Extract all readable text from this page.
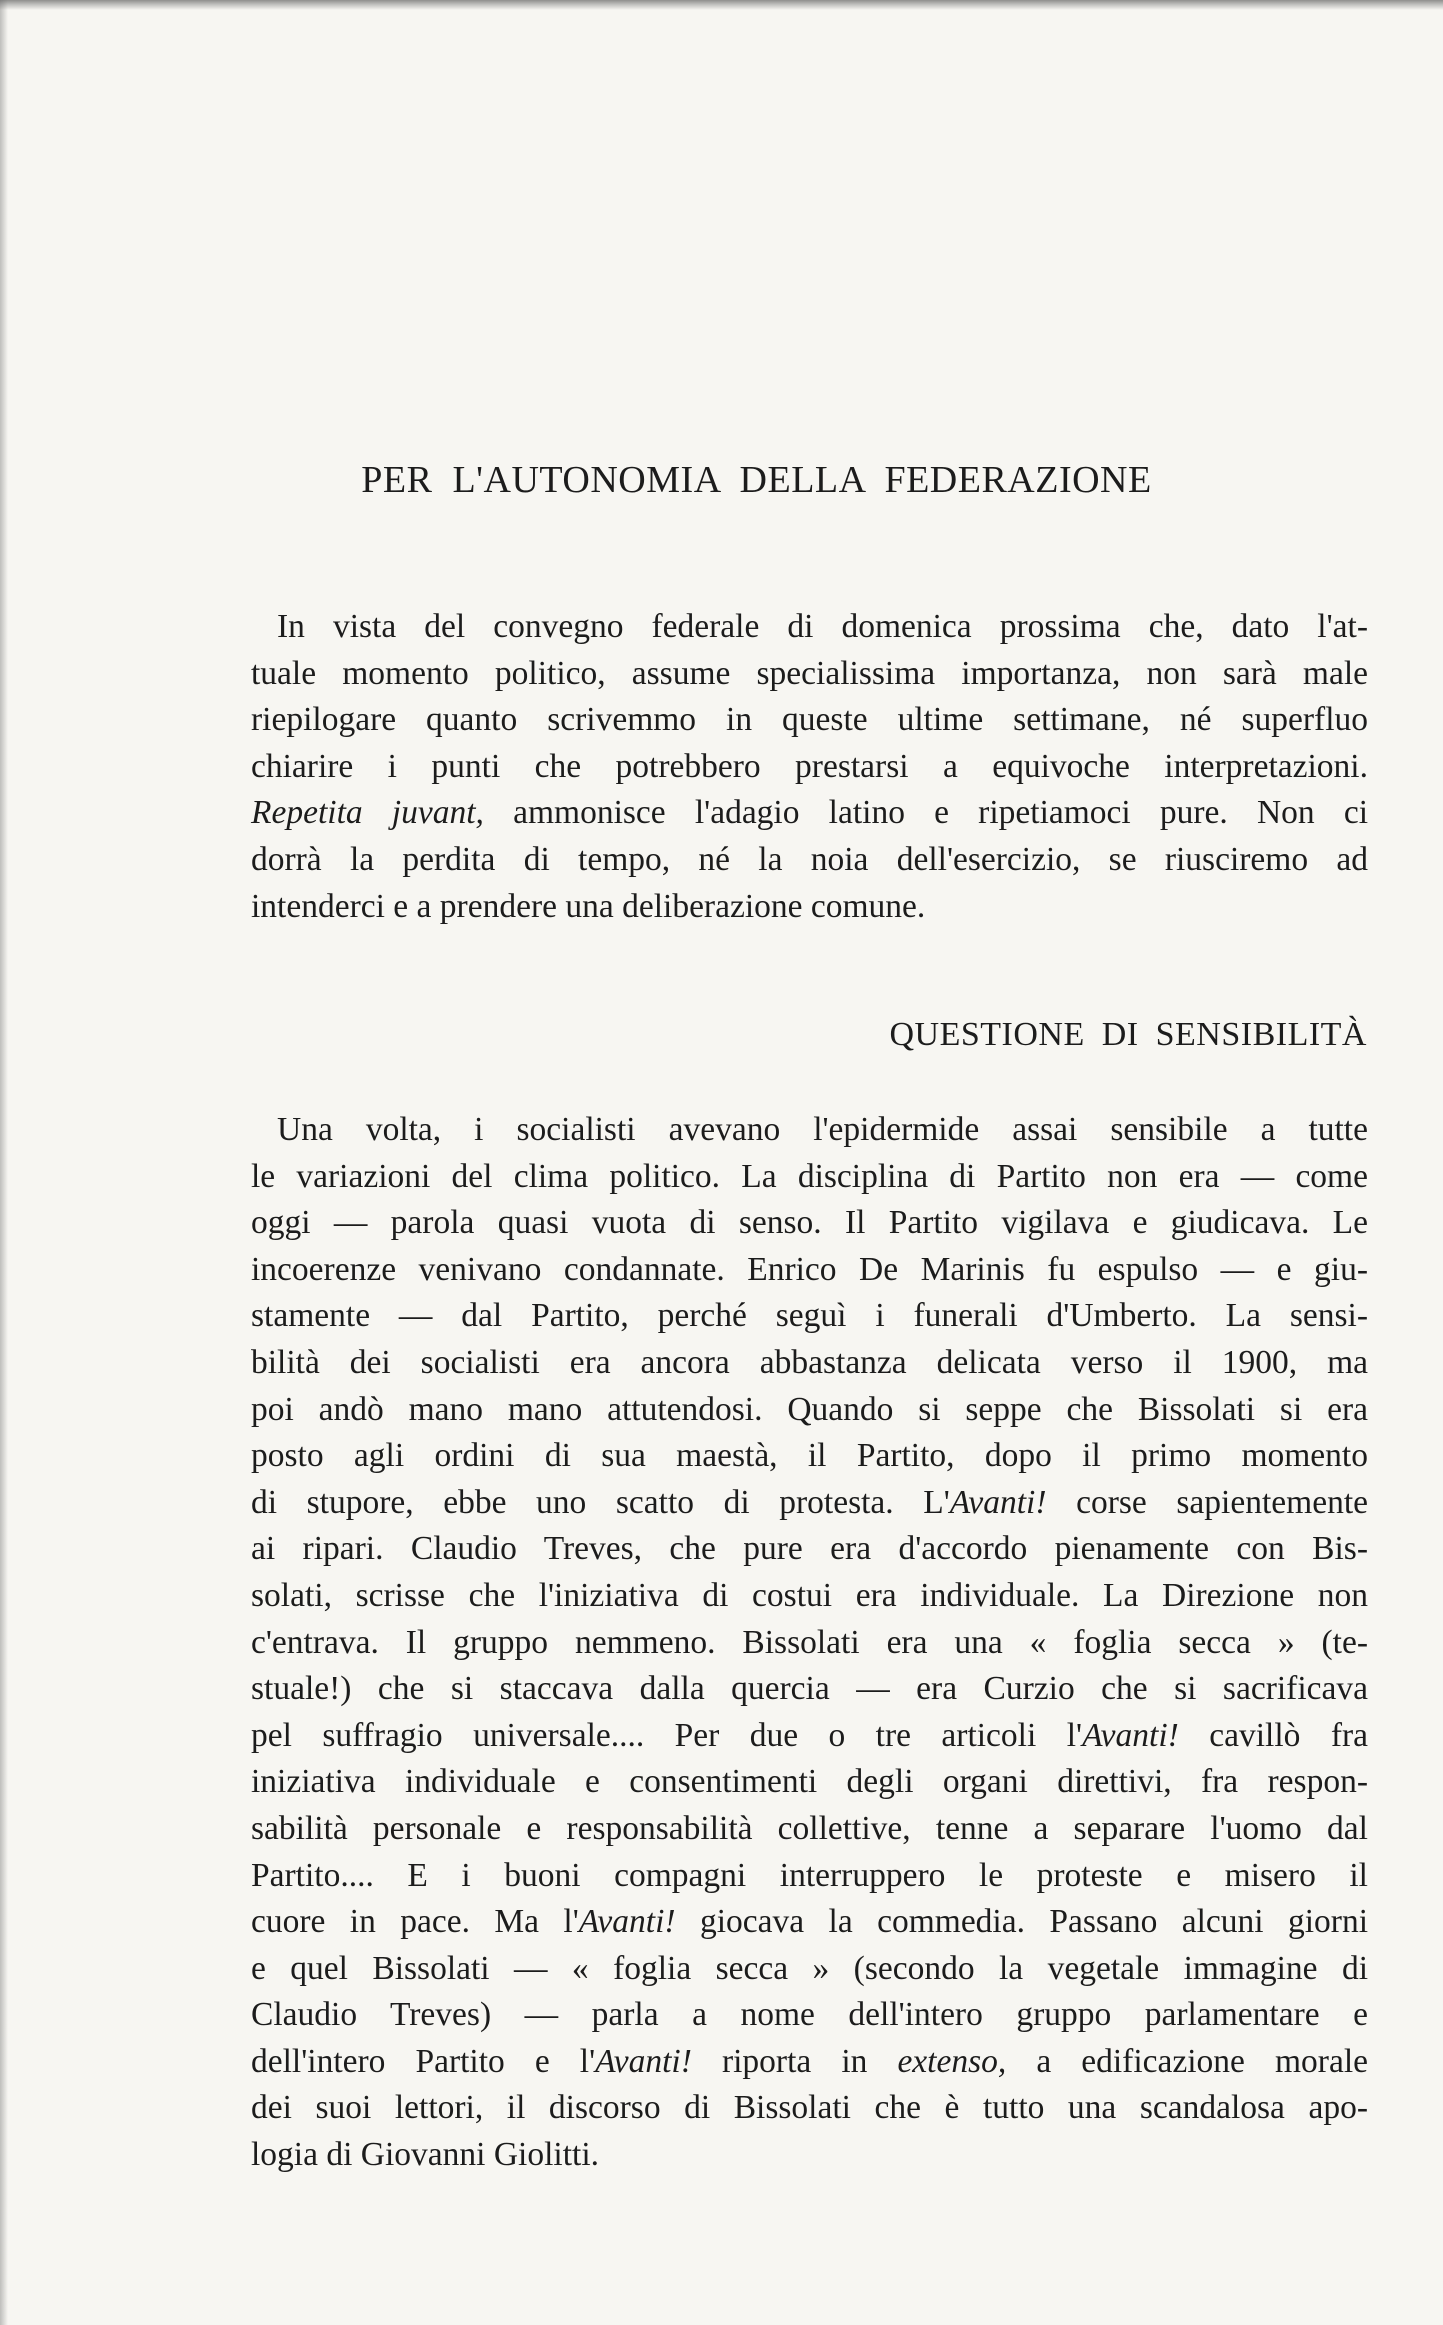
PER L'AUTONOMIA DELLA FEDERAZIONE
In vista del convegno federale di domenica prossima che, dato l'at-
tuale momento politico, assume specialissima importanza, non sarà male
riepilogare quanto scrivemmo in queste ultime settimane, né superfluo
chiarire i punti che potrebbero prestarsi a equivoche interpretazioni.
Repetita juvant, ammonisce l'adagio latino e ripetiamoci pure. Non ci
dorrà la perdita di tempo, né la noia dell'esercizio, se riusciremo ad
intenderci e a prendere una deliberazione comune.
QUESTIONE DI SENSIBILITÀ
Una volta, i socialisti avevano l'epidermide assai sensibile a tutte
le variazioni del clima politico. La disciplina di Partito non era — come
oggi — parola quasi vuota di senso. Il Partito vigilava e giudicava. Le
incoerenze venivano condannate. Enrico De Marinis fu espulso — e giu-
stamente — dal Partito, perché seguì i funerali d'Umberto. La sensi-
bilità dei socialisti era ancora abbastanza delicata verso il 1900, ma
poi andò mano mano attutendosi. Quando si seppe che Bissolati si era
posto agli ordini di sua maestà, il Partito, dopo il primo momento
di stupore, ebbe uno scatto di protesta. L'Avanti! corse sapientemente
ai ripari. Claudio Treves, che pure era d'accordo pienamente con Bis-
solati, scrisse che l'iniziativa di costui era individuale. La Direzione non
c'entrava. Il gruppo nemmeno. Bissolati era una « foglia secca » (te-
stuale!) che si staccava dalla quercia — era Curzio che si sacrificava
pel suffragio universale.... Per due o tre articoli l'Avanti! cavillò fra
iniziativa individuale e consentimenti degli organi direttivi, fra respon-
sabilità personale e responsabilità collettive, tenne a separare l'uomo dal
Partito.... E i buoni compagni interruppero le proteste e misero il
cuore in pace. Ma l'Avanti! giocava la commedia. Passano alcuni giorni
e quel Bissolati — « foglia secca » (secondo la vegetale immagine di
Claudio Treves) — parla a nome dell'intero gruppo parlamentare e
dell'intero Partito e l'Avanti! riporta in extenso, a edificazione morale
dei suoi lettori, il discorso di Bissolati che è tutto una scandalosa apo-
logia di Giovanni Giolitti.
